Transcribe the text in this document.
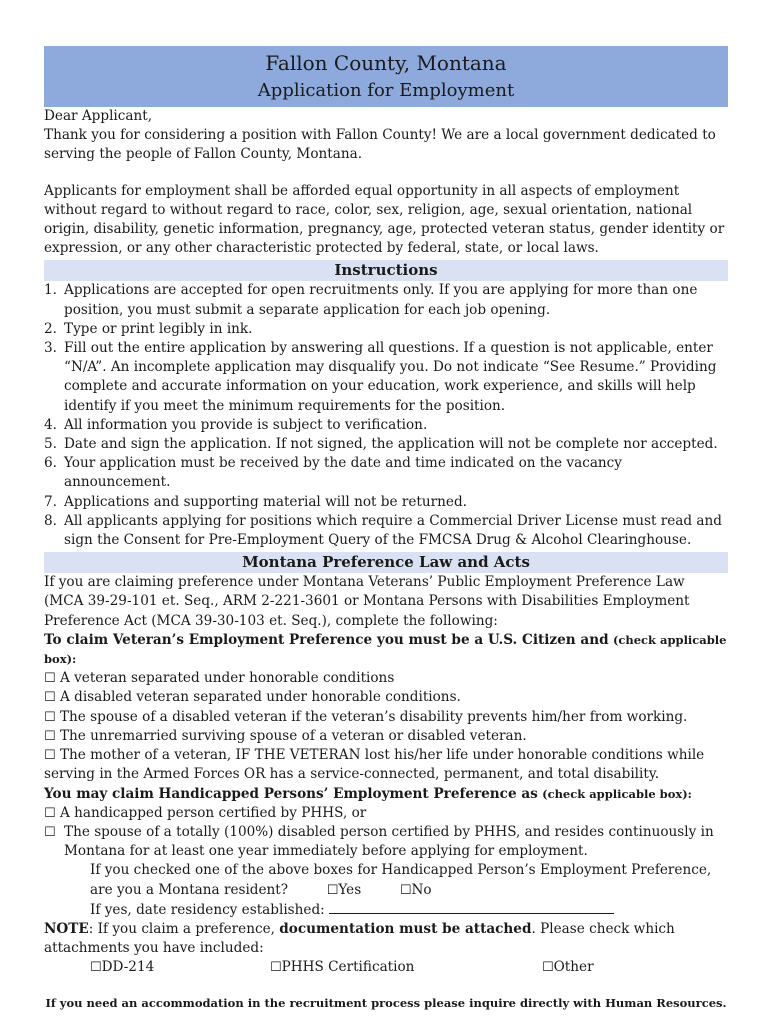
Fallon County, Montana
Application for Employment

Dear Applicant,

Thank you for considering a position with Fallon County! We are a local government dedicated to serving the people of Fallon County, Montana.

Applicants for employment shall be afforded equal opportunity in all aspects of employment without regard to without regard to race, color, sex, religion, age, sexual orientation, national origin, disability, genetic information, pregnancy, age, protected veteran status, gender identity or expression, or any other characteristic protected by federal, state, or local laws.

Instructions
1. Applications are accepted for open recruitments only. If you are applying for more than one position, you must submit a separate application for each job opening.
2. Type or print legibly in ink.
3. Fill out the entire application by answering all questions. If a question is not applicable, enter “N/A”. An incomplete application may disqualify you. Do not indicate “See Resume.” Providing complete and accurate information on your education, work experience, and skills will help identify if you meet the minimum requirements for the position.
4. All information you provide is subject to verification.
5. Date and sign the application. If not signed, the application will not be complete nor accepted.
6. Your application must be received by the date and time indicated on the vacancy announcement.
7. Applications and supporting material will not be returned.
8. All applicants applying for positions which require a Commercial Driver License must read and sign the Consent for Pre-Employment Query of the FMCSA Drug & Alcohol Clearinghouse.
Montana Preference Law and Acts

If you are claiming preference under Montana Veterans’ Public Employment Preference Law (MCA 39-29-101 et. Seq., ARM 2-221-3601 or Montana Persons with Disabilities Employment Preference Act (MCA 39-30-103 et. Seq.), complete the following:

To claim Veteran’s Employment Preference you must be a U.S. Citizen and (check applicable box):

☐ A veteran separated under honorable conditions
☐ A disabled veteran separated under honorable conditions.
☐ The spouse of a disabled veteran if the veteran’s disability prevents him/her from working.
☐ The unremarried surviving spouse of a veteran or disabled veteran.
☐ The mother of a veteran, IF THE VETERAN lost his/her life under honorable conditions while serving in the Armed Forces OR has a service-connected, permanent, and total disability.

You may claim Handicapped Persons’ Employment Preference as (check applicable box):

☐ A handicapped person certified by PHHS, or
☐ The spouse of a totally (100%) disabled person certified by PHHS, and resides continuously in Montana for at least one year immediately before applying for employment.
If you checked one of the above boxes for Handicapped Person’s Employment Preference, are you a Montana resident?	☐Yes	☐No
If yes, date residency established:

NOTE: If you claim a preference, documentation must be attached. Please check which attachments you have included:

☐DD-214	☐PHHS Certification	☐Other
If you need an accommodation in the recruitment process please inquire directly with Human Resources.
